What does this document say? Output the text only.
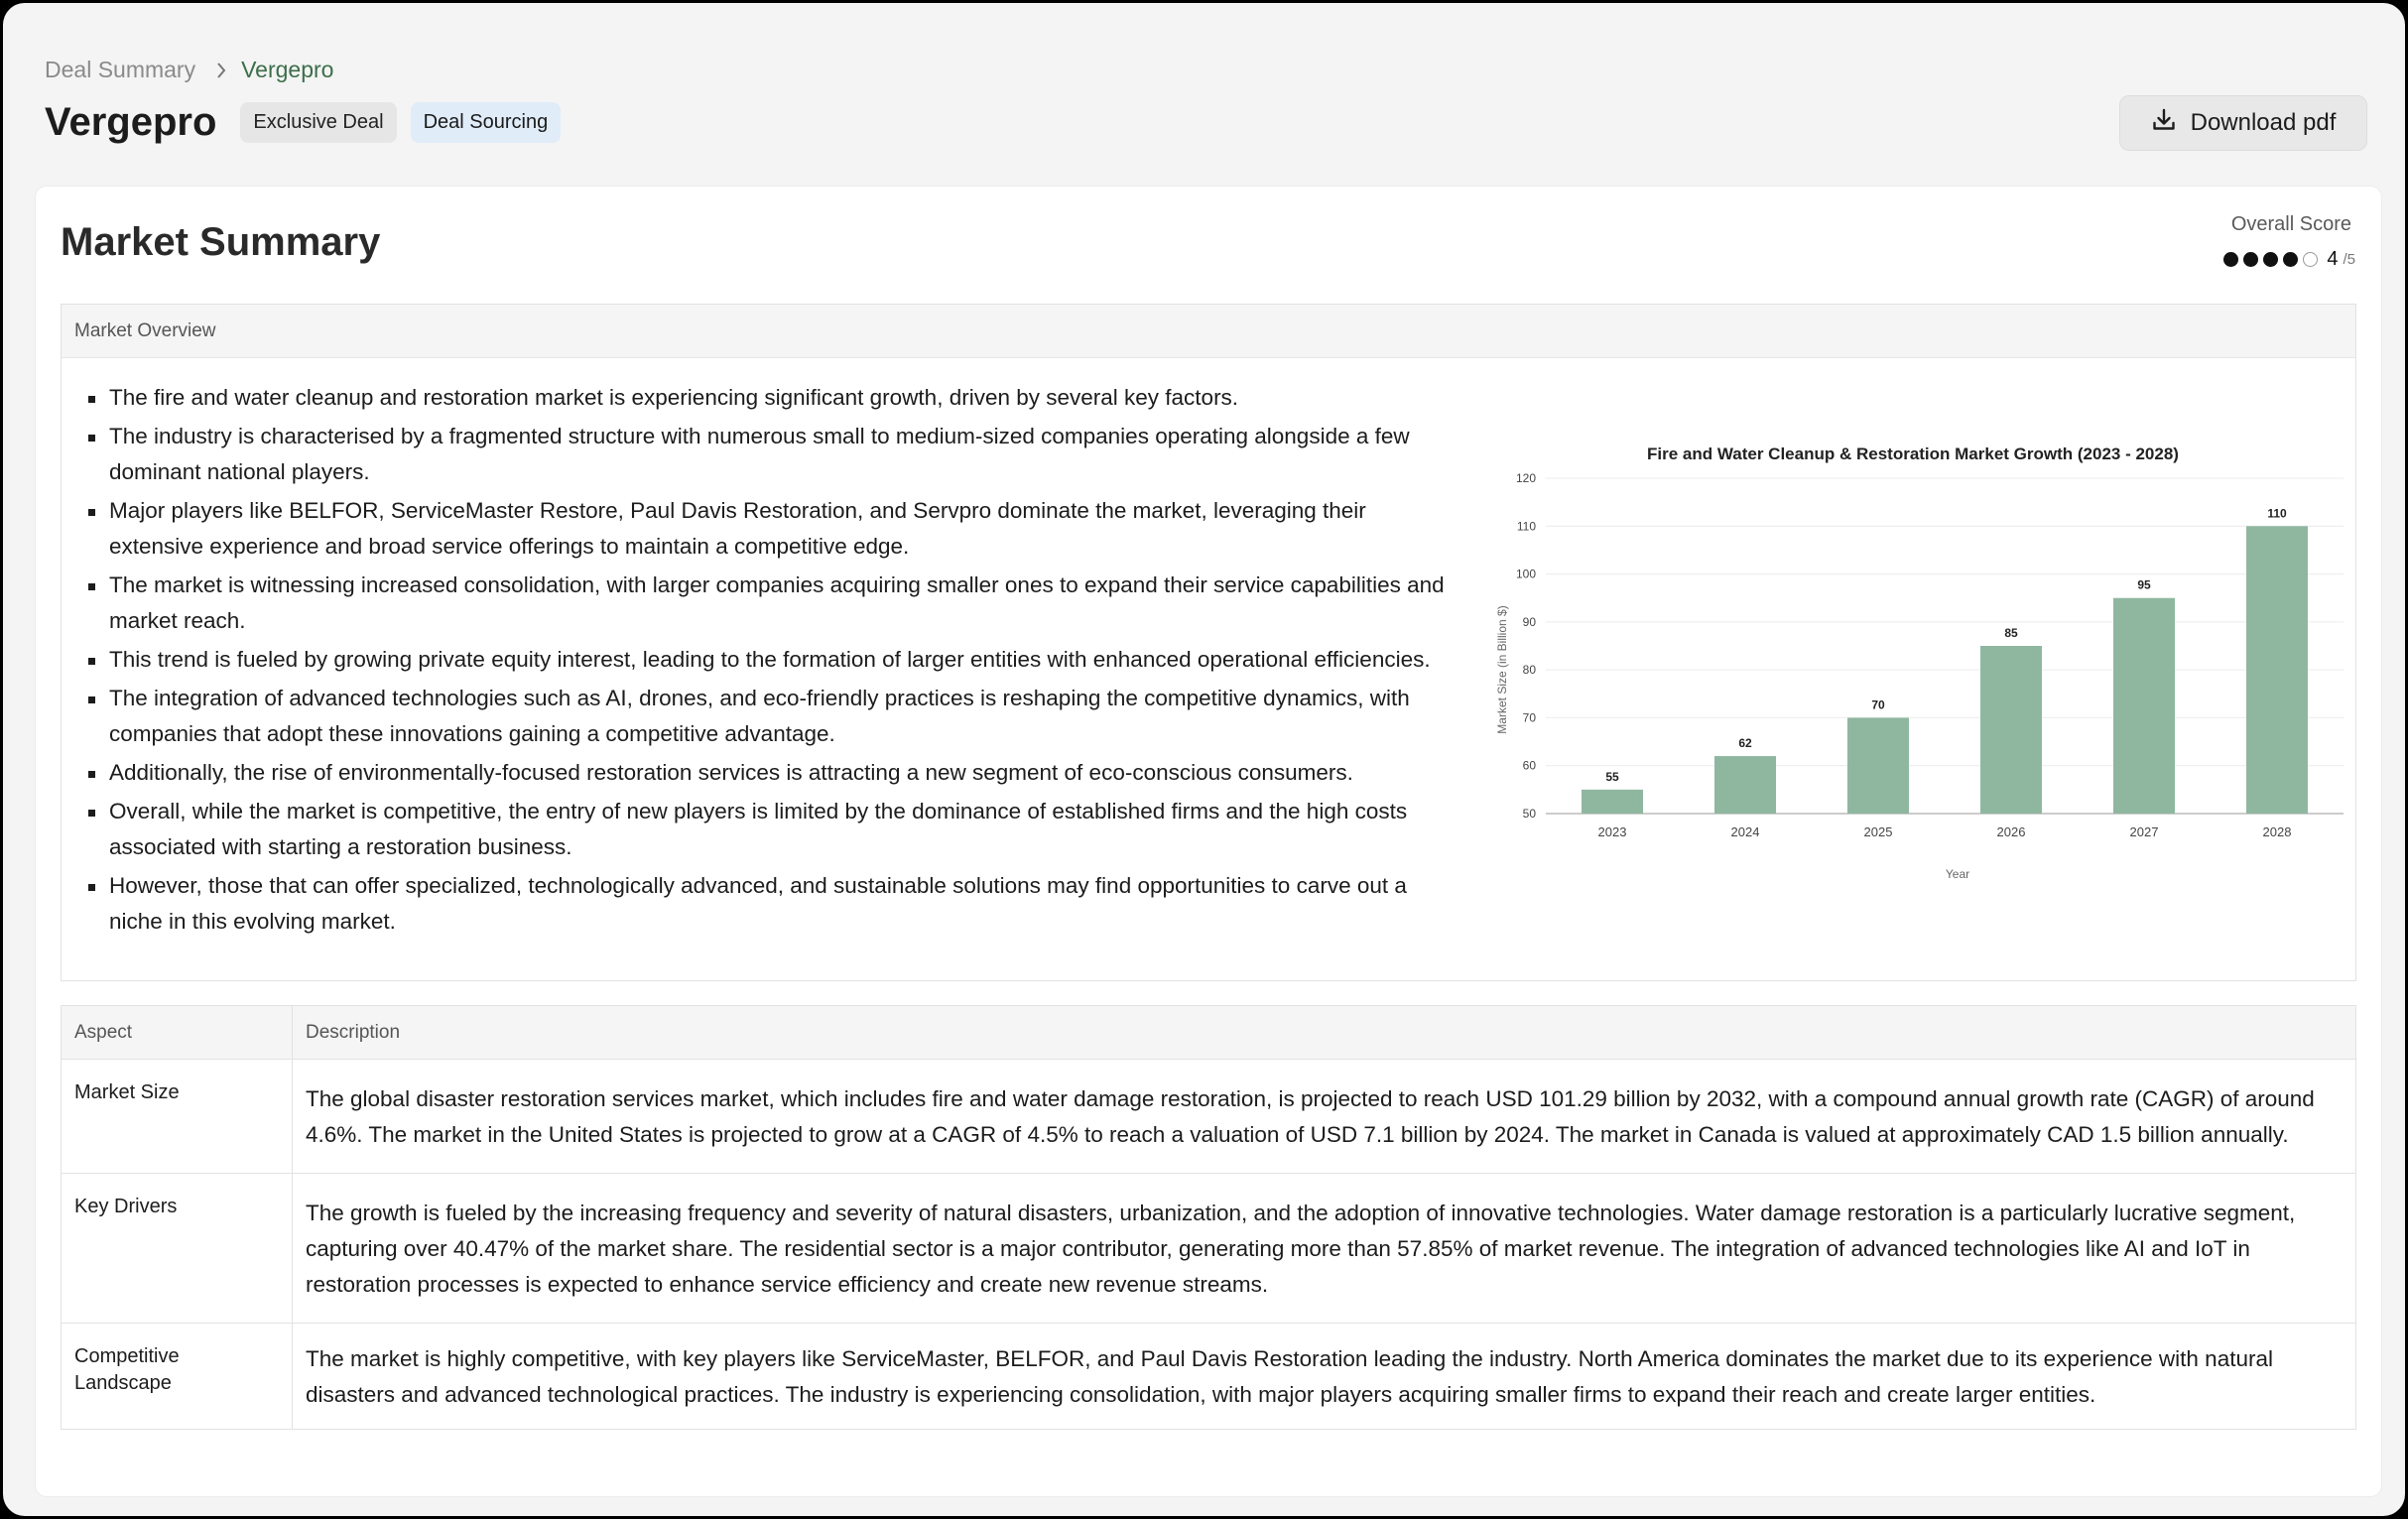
Deal Summary Vergepro
Vergepro	Exclusive Deal	Deal Sourcing	Download pdf
Market Summary	Overall Score
4 /5
Market Overview
The fire and water cleanup and restoration market is experiencing significant growth, driven by several key factors.
The industry is characterised by a fragmented structure with numerous small to medium-sized companies operating alongside a few dominant national players.
Major players like BELFOR, ServiceMaster Restore, Paul Davis Restoration, and Servpro dominate the market, leveraging their extensive experience and broad service offerings to maintain a competitive edge.
The market is witnessing increased consolidation, with larger companies acquiring smaller ones to expand their service capabilities and market reach.
This trend is fueled by growing private equity interest, leading to the formation of larger entities with enhanced operational efficiencies.
The integration of advanced technologies such as AI, drones, and eco-friendly practices is reshaping the competitive dynamics, with companies that adopt these innovations gaining a competitive advantage.
Additionally, the rise of environmentally-focused restoration services is attracting a new segment of eco-conscious consumers.
Overall, while the market is competitive, the entry of new players is limited by the dominance of established firms and the high costs associated with starting a restoration business.
However, those that can offer specialized, technologically advanced, and sustainable solutions may find opportunities to carve out a niche in this evolving market.
Fire and Water Cleanup & Restoration Market Growth (2023 - 2028)
50
60
70
80
90
100
110
120
55
2023
62
2024
70
2025
85
2026
95
2027
110
2028
Year
Market Size (in Billion $)
Aspect	Description
Market Size	The global disaster restoration services market, which includes fire and water damage restoration, is projected to reach USD 101.29 billion by 2032, with a compound annual growth rate (CAGR) of around 4.6%. The market in the United States is projected to grow at a CAGR of 4.5% to reach a valuation of USD 7.1 billion by 2024. The market in Canada is valued at approximately CAD 1.5 billion annually.
Key Drivers	The growth is fueled by the increasing frequency and severity of natural disasters, urbanization, and the adoption of innovative technologies. Water damage restoration is a particularly lucrative segment, capturing over 40.47% of the market share. The residential sector is a major contributor, generating more than 57.85% of market revenue. The integration of advanced technologies like AI and IoT in restoration processes is expected to enhance service efficiency and create new revenue streams.
Competitive Landscape	The market is highly competitive, with key players like ServiceMaster, BELFOR, and Paul Davis Restoration leading the industry. North America dominates the market due to its experience with natural disasters and advanced technological practices. The industry is experiencing consolidation, with major players acquiring smaller firms to expand their reach and create larger entities.
